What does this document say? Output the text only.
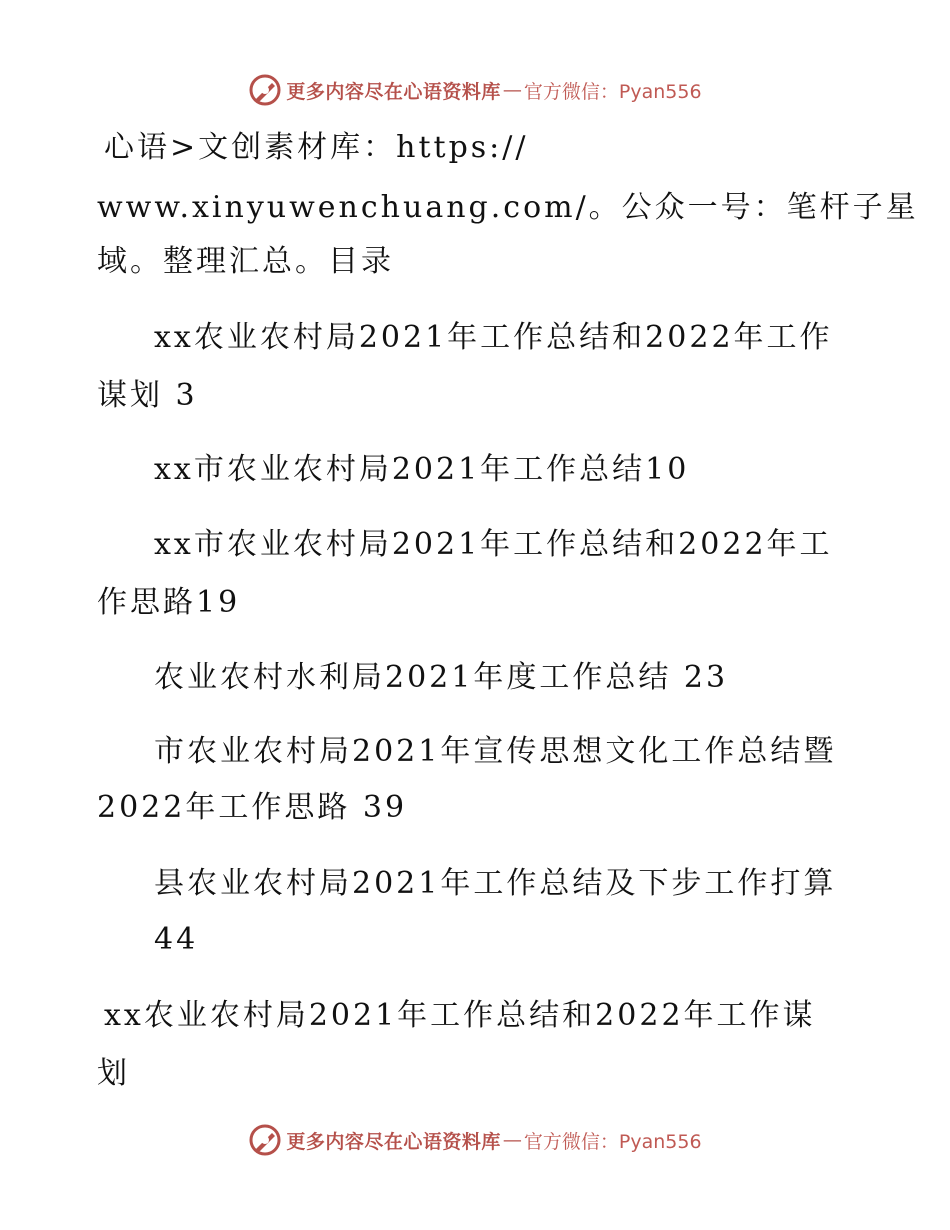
更多内容尽在心语资料库 — 官方微信：Pyan556
心语>文创素材库：https://
www.xinyuwenchuang.com/。公众一号：笔杆子星
域。整理汇总。目录
xx农业农村局2021年工作总结和2022年工作
谋划 3
xx市农业农村局2021年工作总结10
xx市农业农村局2021年工作总结和2022年工
作思路19
农业农村水利局2021年度工作总结 23
市农业农村局2021年宣传思想文化工作总结暨
2022年工作思路 39
县农业农村局2021年工作总结及下步工作打算
44
xx农业农村局2021年工作总结和2022年工作谋
划
更多内容尽在心语资料库 — 官方微信：Pyan556
